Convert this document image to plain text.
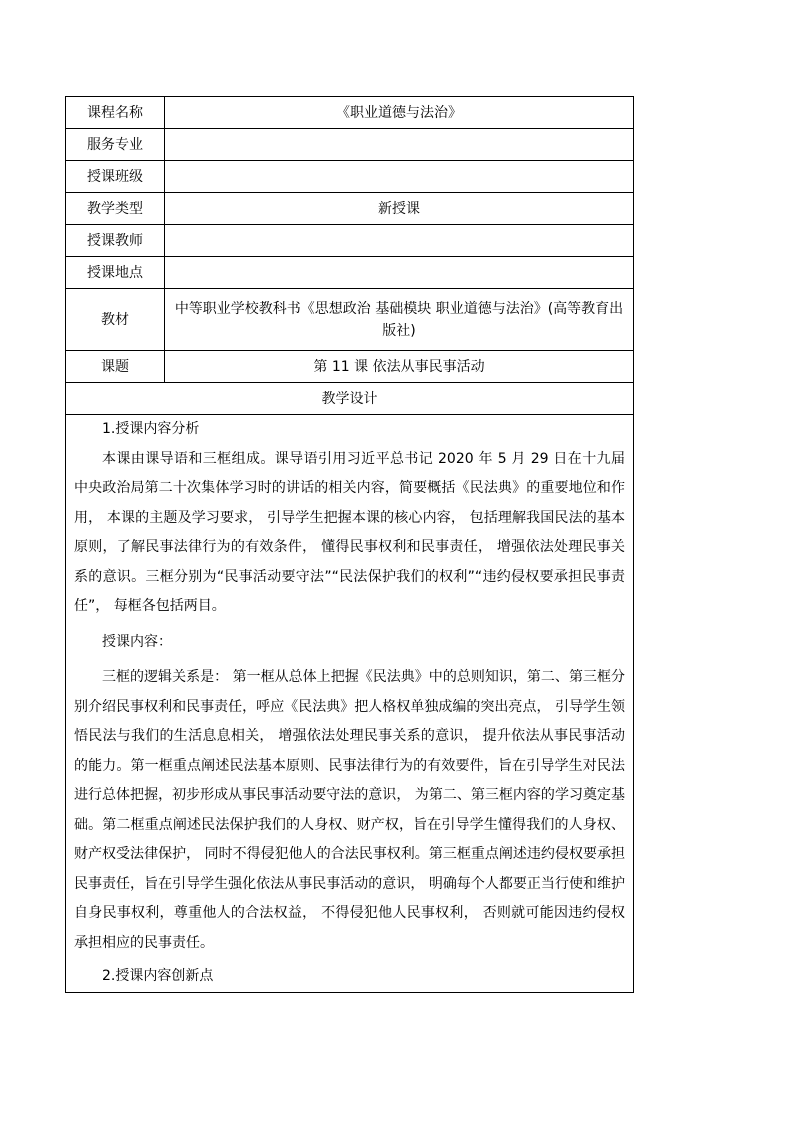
课程名称	《职业道德与法治》
服务专业	
授课班级	
教学类型	新授课
授课教师	
授课地点	
教材	中等职业学校教科书《思想政治 基础模块 职业道德与法治》(高等教育出版社)
课题	第 11 课 依法从事民事活动
教学设计	

1.授课内容分析

本课由课导语和三框组成。课导语引用习近平总书记 2020 年 5 月 29 日在十九届中央政治局第二十次集体学习时的讲话的相关内容，简要概括《民法典》的重要地位和作用， 本课的主题及学习要求， 引导学生把握本课的核心内容， 包括理解我国民法的基本原则，了解民事法律行为的有效条件， 懂得民事权利和民事责任， 增强依法处理民事关系的意识。三框分别为“民事活动要守法”“民法保护我们的权利”“违约侵权要承担民事责任”， 每框各包括两目。

授课内容：

三框的逻辑关系是： 第一框从总体上把握《民法典》中的总则知识，第二、第三框分别介绍民事权利和民事责任，呼应《民法典》把人格权单独成编的突出亮点， 引导学生领悟民法与我们的生活息息相关， 增强依法处理民事关系的意识， 提升依法从事民事活动的能力。第一框重点阐述民法基本原则、民事法律行为的有效要件，旨在引导学生对民法进行总体把握，初步形成从事民事活动要守法的意识， 为第二、第三框内容的学习奠定基础。第二框重点阐述民法保护我们的人身权、财产权，旨在引导学生懂得我们的人身权、财产权受法律保护， 同时不得侵犯他人的合法民事权利。第三框重点阐述违约侵权要承担民事责任，旨在引导学生强化依法从事民事活动的意识， 明确每个人都要正当行使和维护自身民事权利，尊重他人的合法权益， 不得侵犯他人民事权利， 否则就可能因违约侵权承担相应的民事责任。

2.授课内容创新点	
